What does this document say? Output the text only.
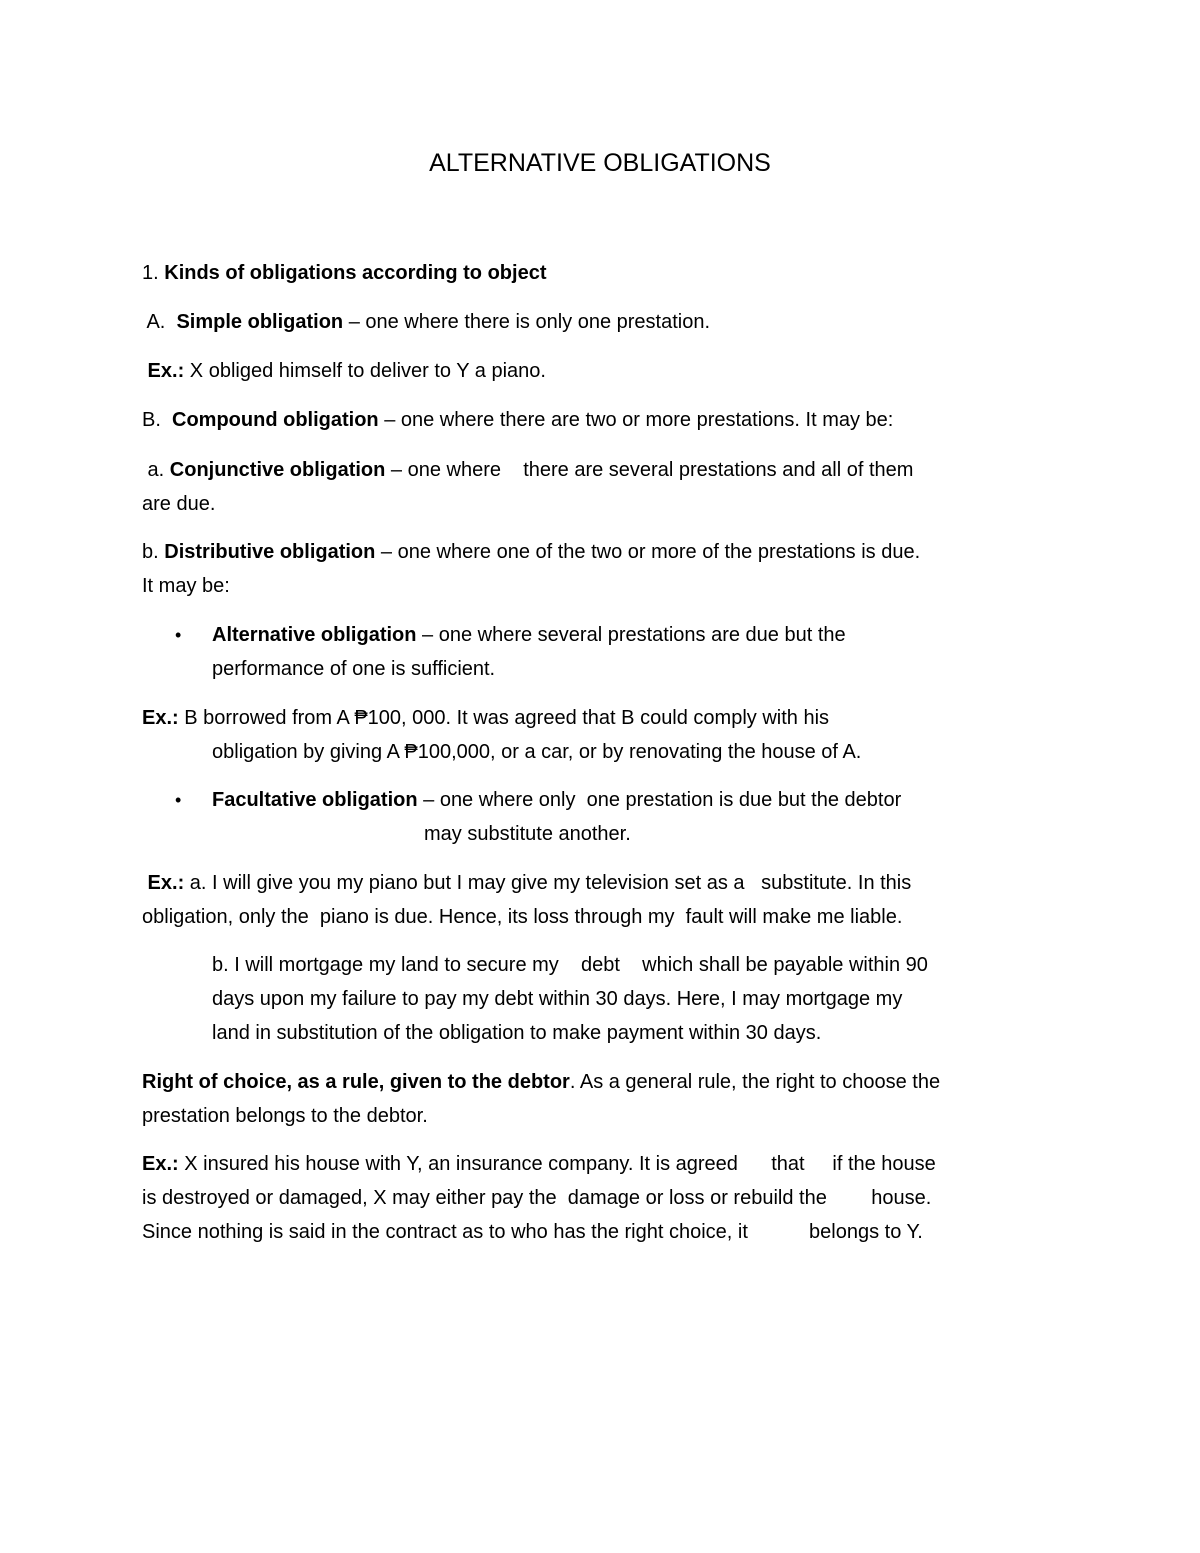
ALTERNATIVE OBLIGATIONS
1. Kinds of obligations according to object
A.  Simple obligation – one where there is only one prestation.
Ex.: X obliged himself to deliver to Y a piano.
B.  Compound obligation – one where there are two or more prestations. It may be:
a. Conjunctive obligation – one where    there are several prestations and all of them
are due.
b. Distributive obligation – one where one of the two or more of the prestations is due.
It may be:
• Alternative obligation – one where several prestations are due but the
performance of one is sufficient.
Ex.: B borrowed from A ₱100, 000. It was agreed that B could comply with his
obligation by giving A ₱100,000, or a car, or by renovating the house of A.
• Facultative obligation – one where only  one prestation is due but the debtor
may substitute another.
Ex.: a. I will give you my piano but I may give my television set as a   substitute. In this
obligation, only the  piano is due. Hence, its loss through my  fault will make me liable.
b. I will mortgage my land to secure my    debt    which shall be payable within 90
days upon my failure to pay my debt within 30 days. Here, I may mortgage my
land in substitution of the obligation to make payment within 30 days.
Right of choice, as a rule, given to the debtor. As a general rule, the right to choose the
prestation belongs to the debtor.
Ex.: X insured his house with Y, an insurance company. It is agreed      that     if the house
is destroyed or damaged, X may either pay the  damage or loss or rebuild the        house.
Since nothing is said in the contract as to who has the right choice, it           belongs to Y.
